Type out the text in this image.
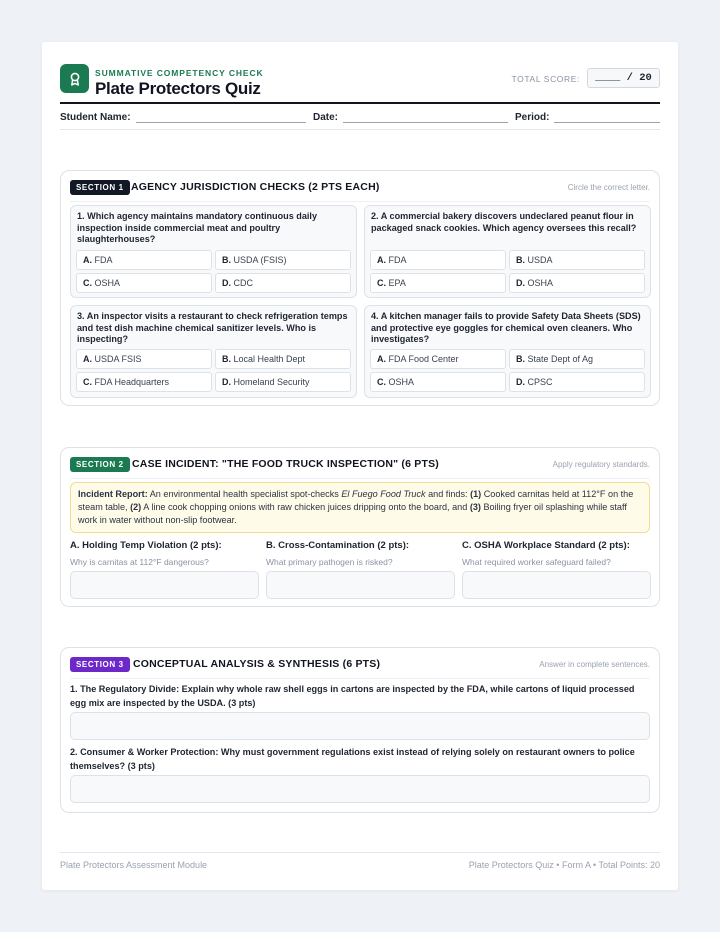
SUMMATIVE COMPETENCY CHECK
Plate Protectors Quiz	TOTAL SCORE:	____ / 20
Student Name:	Date:	Period:
SECTION 1 AGENCY JURISDICTION CHECKS (2 PTS EACH)	Circle the correct letter.
1. Which agency maintains mandatory continuous daily inspection inside commercial meat and poultry slaughterhouses?
A. FDA	B. USDA (FSIS)
C. OSHA	D. CDC
2. A commercial bakery discovers undeclared peanut flour in packaged snack cookies. Which agency oversees this recall?
A. FDA	B. USDA
C. EPA	D. OSHA
3. An inspector visits a restaurant to check refrigeration temps and test dish machine chemical sanitizer levels. Who is inspecting?
A. USDA FSIS	B. Local Health Dept
C. FDA Headquarters	D. Homeland Security
4. A kitchen manager fails to provide Safety Data Sheets (SDS) and protective eye goggles for chemical oven cleaners. Who investigates?
A. FDA Food Center	B. State Dept of Ag
C. OSHA	D. CPSC
SECTION 2 CASE INCIDENT: "THE FOOD TRUCK INSPECTION" (6 PTS)	Apply regulatory standards.
Incident Report: An environmental health specialist spot-checks El Fuego Food Truck and finds: (1) Cooked carnitas held at 112°F on the steam table, (2) A line cook chopping onions with raw chicken juices dripping onto the board, and (3) Boiling fryer oil splashing while staff work in water without non-slip footwear.
A. Holding Temp Violation (2 pts):
Why is carnitas at 112°F dangerous?
B. Cross-Contamination (2 pts):
What primary pathogen is risked?
C. OSHA Workplace Standard (2 pts):
What required worker safeguard failed?
SECTION 3 CONCEPTUAL ANALYSIS & SYNTHESIS (6 PTS)	Answer in complete sentences.
1. The Regulatory Divide: Explain why whole raw shell eggs in cartons are inspected by the FDA, while cartons of liquid processed egg mix are inspected by the USDA. (3 pts)
2. Consumer & Worker Protection: Why must government regulations exist instead of relying solely on restaurant owners to police themselves? (3 pts)
Plate Protectors Assessment Module	Plate Protectors Quiz • Form A • Total Points: 20
